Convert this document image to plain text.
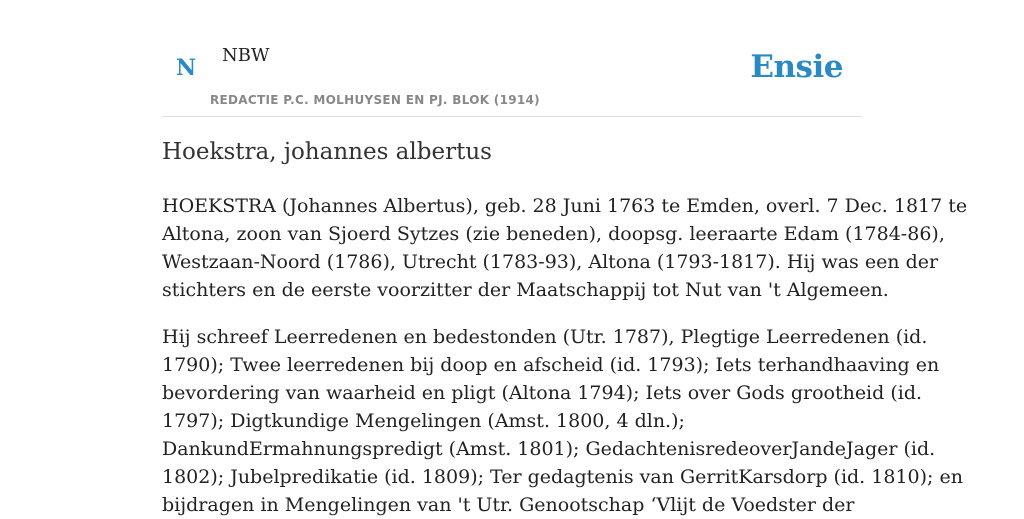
N NBW
REDACTIE P.C. MOLHUYSEN EN PJ. BLOK (1914)
Ensie
Hoekstra, johannes albertus

HOEKSTRA (Johannes Albertus), geb. 28 Juni 1763 te Emden, overl. 7 Dec. 1817 te
Altona, zoon van Sjoerd Sytzes (zie beneden), doopsg. leeraarte Edam (1784-86),
Westzaan-Noord (1786), Utrecht (1783-93), Altona (1793-1817). Hij was een der
stichters en de eerste voorzitter der Maatschappij tot Nut van 't Algemeen.

Hij schreef Leerredenen en bedestonden (Utr. 1787), Plegtige Leerredenen (id.
1790); Twee leerredenen bij doop en afscheid (id. 1793); Iets terhandhaaving en
bevordering van waarheid en pligt (Altona 1794); Iets over Gods grootheid (id.
1797); Digtkundige Mengelingen (Amst. 1800, 4 dln.);
DankundErmahnungspredigt (Amst. 1801); GedachtenisredeoverJandeJager (id.
1802); Jubelpredikatie (id. 1809); Ter gedagtenis van GerritKarsdorp (id. 1810); en
bijdragen in Mengelingen van 't Utr. Genootschap ‘Vlijt de Voedster der
